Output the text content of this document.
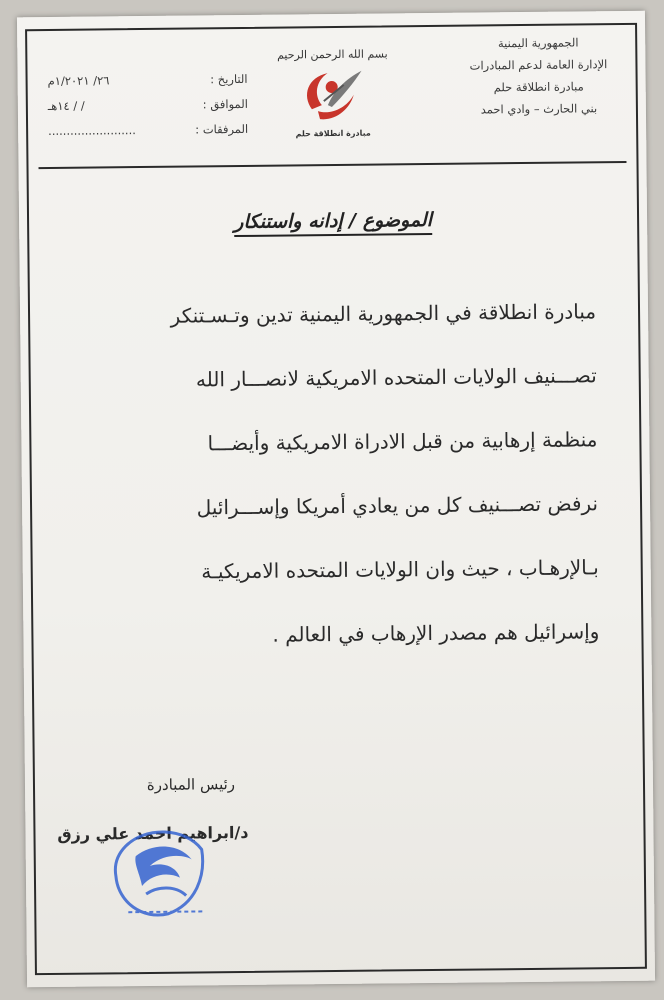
الجمهورية اليمنية
الإدارة العامة لدعم المبادرات
مبادرة انطلاقة حلم
بني الحارث – وادي احمد
بسم الله الرحمن الرحيم
مبادرة انطلاقة حلم
التاريخ :
٢٦/ ١/٢٠٢١م
الموافق :
/ / ١٤هـ
المرفقات :
........................
الموضوع / إدانه واستنكار

مبادرة انطلاقة في الجمهورية اليمنية تدين وتـسـتنكر

تصـــنيف الولايات المتحده الامريكية لانصـــار الله

منظمة إرهابية من قبل الادراة الامريكية وأيضـــا

نرفض تصـــنيف كل من يعادي أمريكا وإســـرائيل

بـالإرهـاب ، حيث وان الولايات المتحده الامريكيـة

وإسرائيل هم مصدر الإرهاب في العالم .

رئيس المبادرة
د/ابراهيم احمد علي رزق
